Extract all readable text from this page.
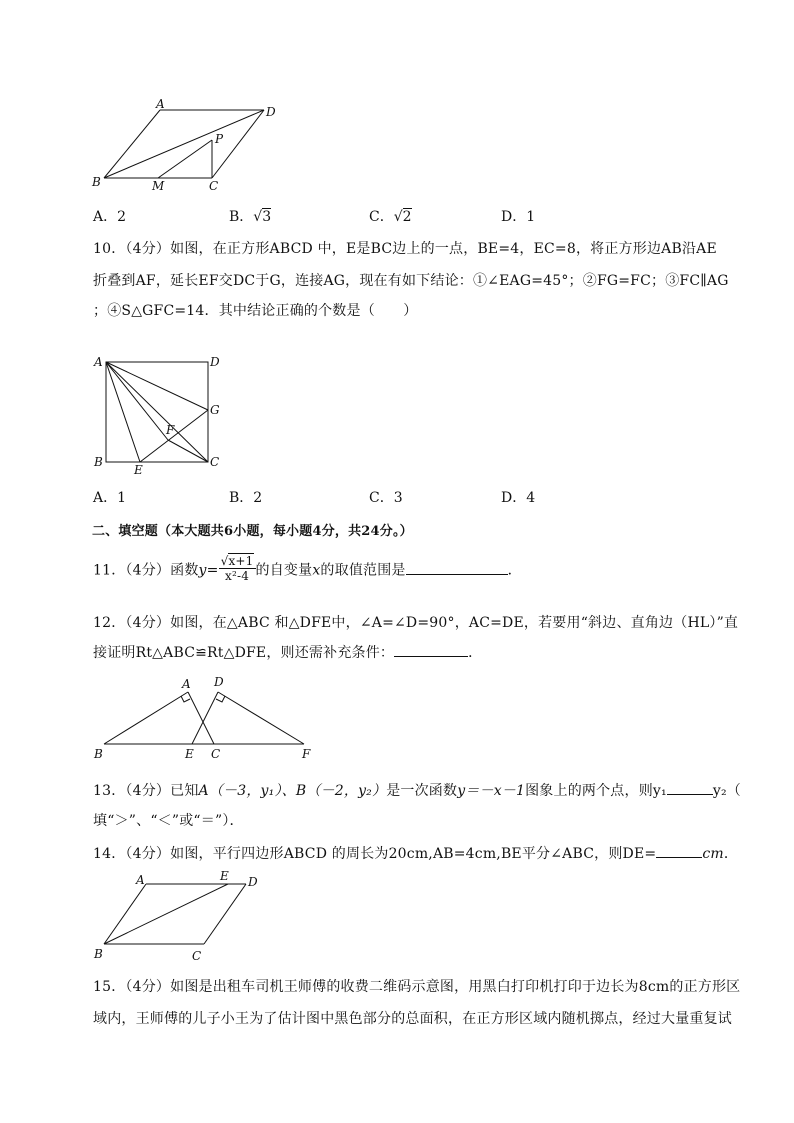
A
D
P
B	M	C
A．2	B．√3	C．√2	D．1
10．（4分）如图，在正方形ABCD 中，E是BC边上的一点，BE=4，EC=8，将正方形边AB沿AE
折叠到AF，延长EF交DC于G，连接AG，现在有如下结论：①∠EAG=45°；②FG=FC；③FC∥AG
；④S△GFC=14．其中结论正确的个数是（　　）
A	D
G
F
B
E
C
A．1	B．2	C．3	D．4
二、填空题（本大题共6小题，每小题4分，共24分。）
11．（4分）函数$y= \frac{√x+1}{\text{x²-4}}$ 的自变量x的取值范围是	．
12．（4分）如图，在△ABC 和△DFE中，∠A=∠D=90°，AC=DE，若要用“斜边、直角边（HL）”直
接证明Rt△ABC≌Rt△DFE，则还需补充条件：	．
A D
B	E C	F
13．（4分）已知A（－3，y₁）、B（－2，y₂）是一次函数y＝－x－1图象上的两个点，则y₁	y₂（
填“＞”、“＜”或“＝”）．
14．（4分）如图，平行四边形ABCD 的周长为20cm,AB=4cm,BE平分∠ABC，则DE=	cm．
A	E D
B	C
15．（4分）如图是出租车司机王师傅的收费二维码示意图，用黑白打印机打印于边长为8cm的正方形区
域内，王师傅的儿子小王为了估计图中黑色部分的总面积，在正方形区域内随机掷点，经过大量重复试
